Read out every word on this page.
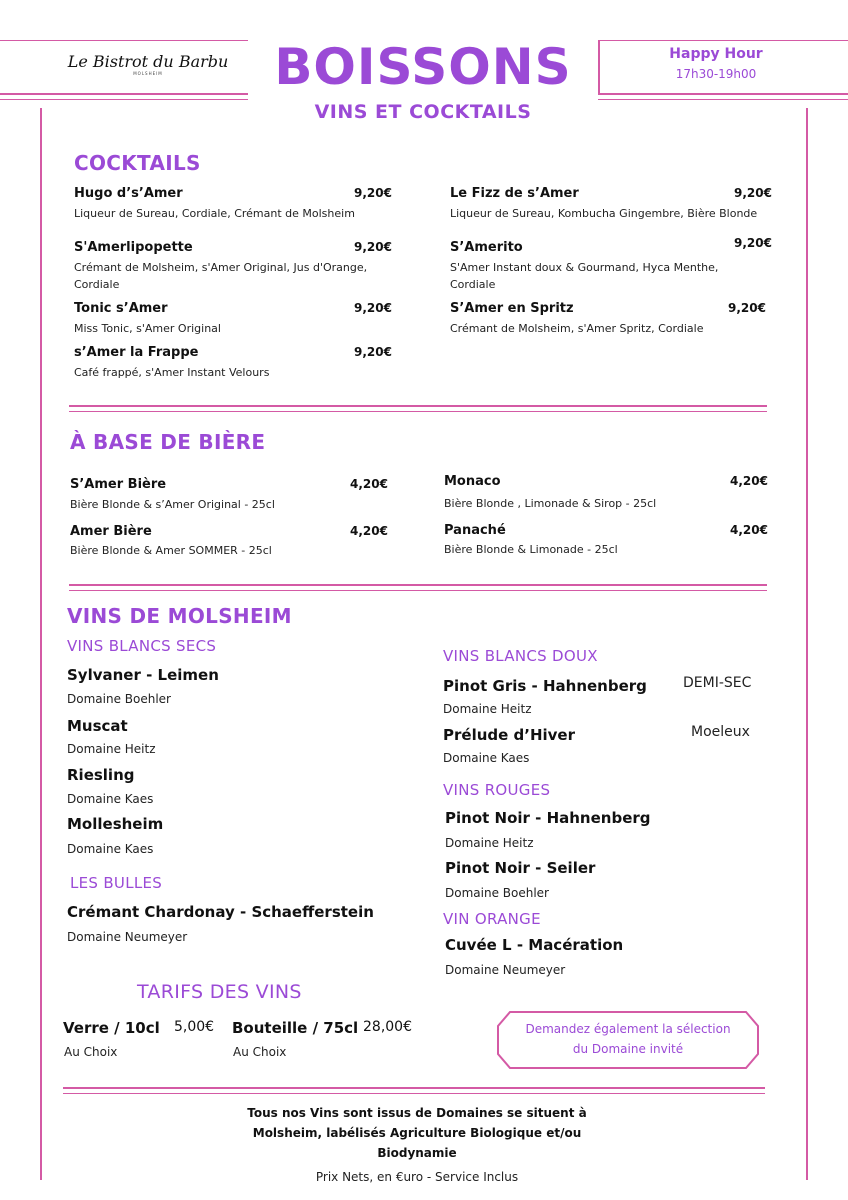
Le Bistrot du Barbu
MOLSHEIM	BOISSONS
VINS ET COCKTAILS
Happy Hour
17h30-19h00
COCKTAILS
Hugo d’s’Amer	9,20€
Liqueur de Sureau, Cordiale, Crémant de Molsheim
Le Fizz de s’Amer	9,20€
Liqueur de Sureau, Kombucha Gingembre, Bière Blonde
S'Amerlipopette	9,20€
Crémant de Molsheim, s'Amer Original, Jus d'Orange, Cordiale
S’Amerito	9,20€
S'Amer Instant doux & Gourmand, Hyca Menthe, Cordiale
Tonic s’Amer	9,20€
Miss Tonic, s'Amer Original
S’Amer en Spritz	9,20€
Crémant de Molsheim, s'Amer Spritz, Cordiale
s’Amer la Frappe	9,20€
Café frappé, s'Amer Instant Velours
À BASE DE BIÈRE
S’Amer Bière	4,20€
Bière Blonde & s’Amer Original - 25cl
Monaco	4,20€
Bière Blonde , Limonade & Sirop - 25cl
Amer Bière	4,20€
Bière Blonde & Amer SOMMER - 25cl
Panaché	4,20€
Bière Blonde & Limonade - 25cl
VINS DE MOLSHEIM
VINS BLANCS SECS
Sylvaner - Leimen
Domaine Boehler
Muscat
Domaine Heitz
Riesling
Domaine Kaes
Mollesheim
Domaine Kaes
LES BULLES
Crémant Chardonay - Schaefferstein
Domaine Neumeyer
VINS BLANCS DOUX
Pinot Gris - Hahnenberg	DEMI-SEC
Domaine Heitz
Prélude d’Hiver	Moeleux
Domaine Kaes
VINS ROUGES
Pinot Noir - Hahnenberg
Domaine Heitz
Pinot Noir - Seiler
Domaine Boehler
VIN ORANGE
Cuvée L - Macération
Domaine Neumeyer
TARIFS DES VINS
Verre / 10cl 5,00€
Au Choix
Bouteille / 75cl 28,00€
Au Choix
Demandez également la sélection
du Domaine invité
Tous nos Vins sont issus de Domaines se situent à
Molsheim, labélisés Agriculture Biologique et/ou
Biodynamie
Prix Nets, en €uro - Service Inclus
